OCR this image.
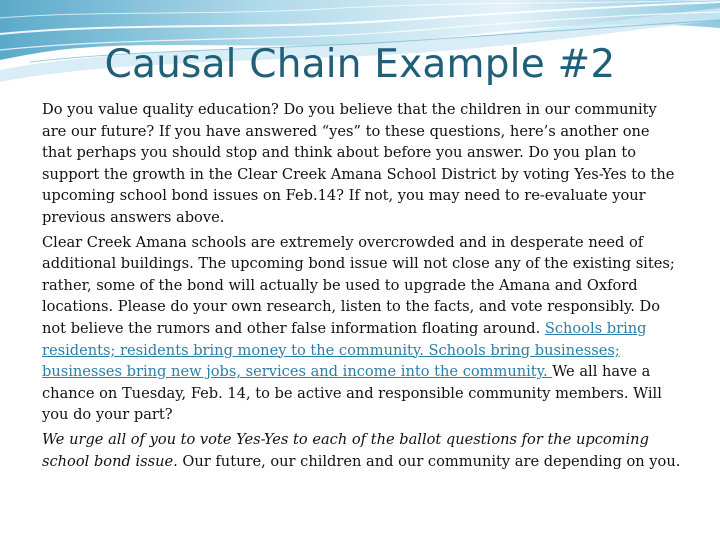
Causal Chain Example #2

Do you value quality education? Do you believe that the children in our community are our future? If you have answered “yes” to these questions, here’s another one that perhaps you should stop and think about before you answer. Do you plan to support the growth in the Clear Creek Amana School District by voting Yes-Yes to the upcoming school bond issues on Feb.14? If not, you may need to re-evaluate your previous answers above.

Clear Creek Amana schools are extremely overcrowded and in desperate need of additional buildings. The upcoming bond issue will not close any of the existing sites; rather, some of the bond will actually be used to upgrade the Amana and Oxford locations. Please do your own research, listen to the facts, and vote responsibly. Do not believe the rumors and other false information floating around. Schools bring residents; residents bring money to the community. Schools bring businesses; businesses bring new jobs, services and income into the community. We all have a chance on Tuesday, Feb. 14, to be active and responsible community members. Will you do your part?

We urge all of you to vote Yes-Yes to each of the ballot questions for the upcoming school bond issue. Our future, our children and our community are depending on you.
